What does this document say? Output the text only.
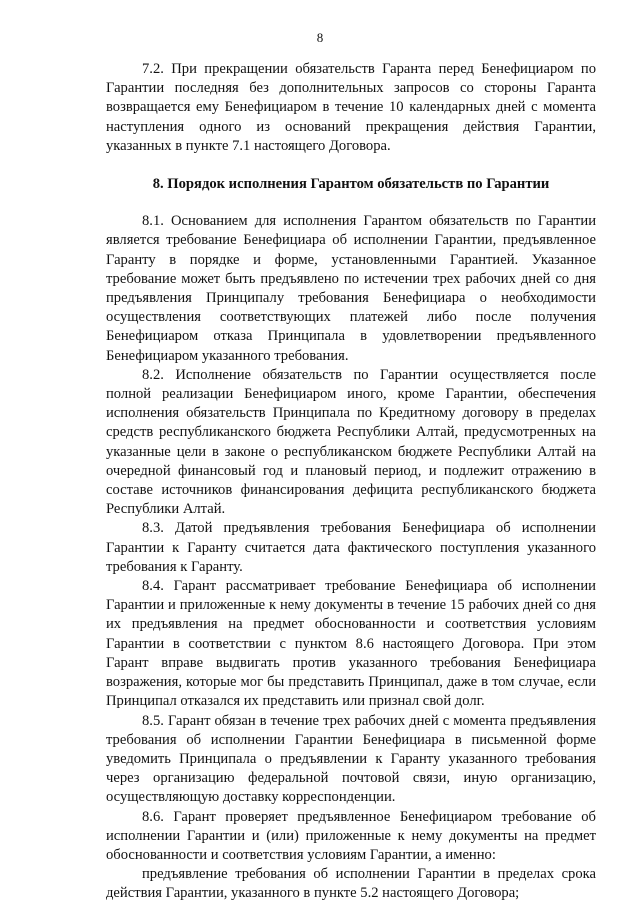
8

7.2. При прекращении обязательств Гаранта перед Бенефициаром по Гарантии последняя без дополнительных запросов со стороны Гаранта возвращается ему Бенефициаром в течение 10 календарных дней с момента наступления одного из оснований прекращения действия Гарантии, указанных в пункте 7.1 настоящего Договора.

8. Порядок исполнения Гарантом обязательств по Гарантии

8.1. Основанием для исполнения Гарантом обязательств по Гарантии является требование Бенефициара об исполнении Гарантии, предъявленное Гаранту в порядке и форме, установленными Гарантией. Указанное требование может быть предъявлено по истечении трех рабочих дней со дня предъявления Принципалу требования Бенефициара о необходимости осуществления соответствующих платежей либо после получения Бенефициаром отказа Принципала в удовлетворении предъявленного Бенефициаром указанного требования.

8.2. Исполнение обязательств по Гарантии осуществляется после полной реализации Бенефициаром иного, кроме Гарантии, обеспечения исполнения обязательств Принципала по Кредитному договору в пределах средств республиканского бюджета Республики Алтай, предусмотренных на указанные цели в законе о республиканском бюджете Республики Алтай на очередной финансовый год и плановый период, и подлежит отражению в составе источников финансирования дефицита республиканского бюджета Республики Алтай.

8.3. Датой предъявления требования Бенефициара об исполнении Гарантии к Гаранту считается дата фактического поступления указанного требования к Гаранту.

8.4. Гарант рассматривает требование Бенефициара об исполнении Гарантии и приложенные к нему документы в течение 15 рабочих дней со дня их предъявления на предмет обоснованности и соответствия условиям Гарантии в соответствии с пунктом 8.6 настоящего Договора. При этом Гарант вправе выдвигать против указанного требования Бенефициара возражения, которые мог бы представить Принципал, даже в том случае, если Принципал отказался их представить или признал свой долг.

8.5. Гарант обязан в течение трех рабочих дней с момента предъявления требования об исполнении Гарантии Бенефициара в письменной форме уведомить Принципала о предъявлении к Гаранту указанного требования через организацию федеральной почтовой связи, иную организацию, осуществляющую доставку корреспонденции.

8.6. Гарант проверяет предъявленное Бенефициаром требование об исполнении Гарантии и (или) приложенные к нему документы на предмет обоснованности и соответствия условиям Гарантии, а именно:

предъявление требования об исполнении Гарантии в пределах срока действия Гарантии, указанного в пункте 5.2 настоящего Договора;
